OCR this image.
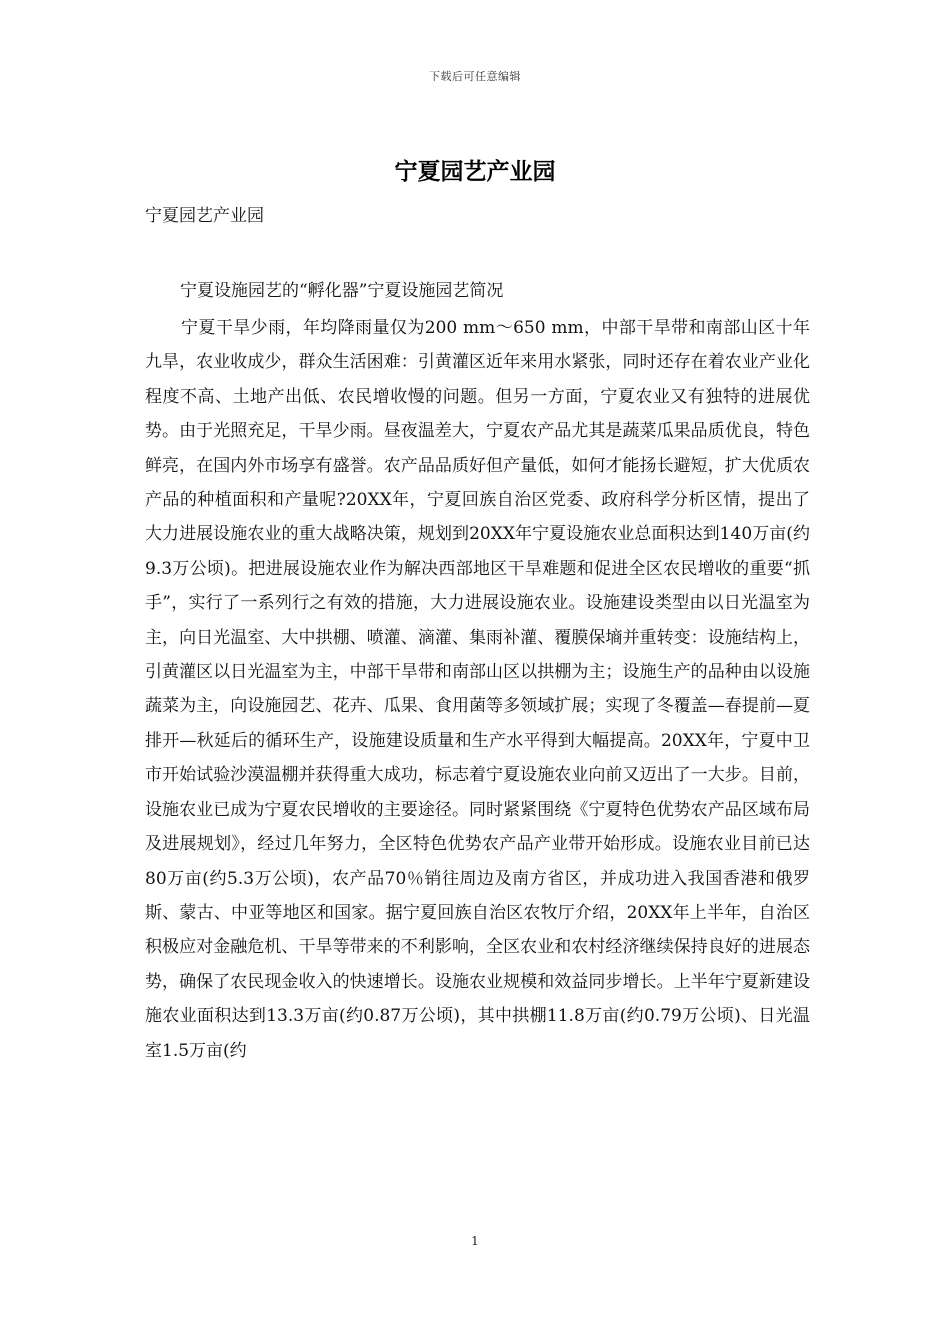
下载后可任意编辑
宁夏园艺产业园

宁夏园艺产业园

宁夏设施园艺的“孵化器”宁夏设施园艺简况

宁夏干旱少雨，年均降雨量仅为200 mm～650 mm，中部干旱带和南部山区十年九旱，农业收成少，群众生活困难：引黄灌区近年来用水紧张，同时还存在着农业产业化程度不高、土地产出低、农民增收慢的问题。但另一方面，宁夏农业又有独特的进展优势。由于光照充足，干旱少雨。昼夜温差大，宁夏农产品尤其是蔬菜瓜果品质优良，特色鲜亮，在国内外市场享有盛誉。农产品品质好但产量低，如何才能扬长避短，扩大优质农产品的种植面积和产量呢?20XX年，宁夏回族自治区党委、政府科学分析区情，提出了大力进展设施农业的重大战略决策，规划到20XX年宁夏设施农业总面积达到140万亩(约9.3万公顷)。把进展设施农业作为解决西部地区干旱难题和促进全区农民增收的重要“抓手”，实行了一系列行之有效的措施，大力进展设施农业。设施建设类型由以日光温室为主，向日光温室、大中拱棚、喷灌、滴灌、集雨补灌、覆膜保墒并重转变：设施结构上，引黄灌区以日光温室为主，中部干旱带和南部山区以拱棚为主；设施生产的品种由以设施蔬菜为主，向设施园艺、花卉、瓜果、食用菌等多领域扩展；实现了冬覆盖—春提前—夏排开—秋延后的循环生产，设施建设质量和生产水平得到大幅提高。20XX年，宁夏中卫市开始试验沙漠温棚并获得重大成功，标志着宁夏设施农业向前又迈出了一大步。目前，设施农业已成为宁夏农民增收的主要途径。同时紧紧围绕《宁夏特色优势农产品区域布局及进展规划》，经过几年努力，全区特色优势农产品产业带开始形成。设施农业目前已达80万亩(约5.3万公顷)，农产品70％销往周边及南方省区，并成功进入我国香港和俄罗斯、蒙古、中亚等地区和国家。据宁夏回族自治区农牧厅介绍，20XX年上半年，自治区积极应对金融危机、干旱等带来的不利影响，全区农业和农村经济继续保持良好的进展态势，确保了农民现金收入的快速增长。设施农业规模和效益同步增长。上半年宁夏新建设施农业面积达到13.3万亩(约0.87万公顷)，其中拱棚11.8万亩(约0.79万公顷)、日光温室1.5万亩(约

1
